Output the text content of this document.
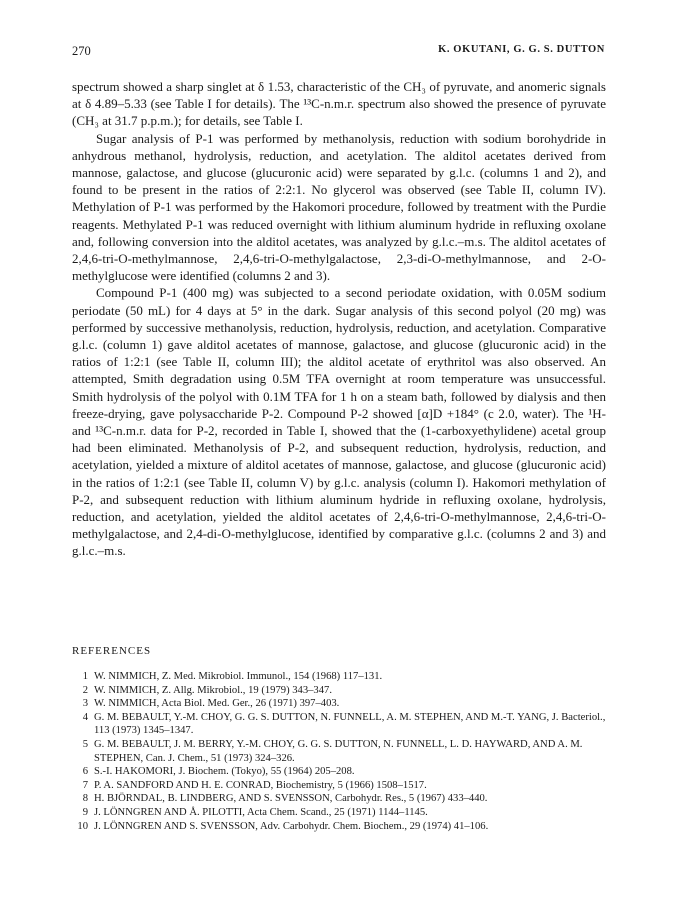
270	K. OKUTANI, G. G. S. DUTTON

spectrum showed a sharp singlet at δ 1.53, characteristic of the CH₃ of pyruvate, and anomeric signals at δ 4.89–5.33 (see Table I for details). The ¹³C-n.m.r. spectrum also showed the presence of pyruvate (CH₃ at 31.7 p.p.m.); for details, see Table I.

Sugar analysis of P-1 was performed by methanolysis, reduction with sodium borohydride in anhydrous methanol, hydrolysis, reduction, and acetylation. The alditol acetates derived from mannose, galactose, and glucose (glucuronic acid) were separated by g.l.c. (columns 1 and 2), and found to be present in the ratios of 2:2:1. No glycerol was observed (see Table II, column IV). Methylation of P-1 was performed by the Hakomori procedure, followed by treatment with the Purdie reagents. Methylated P-1 was reduced overnight with lithium aluminum hydride in refluxing oxolane and, following conversion into the alditol acetates, was analyzed by g.l.c.–m.s. The alditol acetates of 2,4,6-tri-O-methylmannose, 2,4,6-tri-O-methylgalactose, 2,3-di-O-methylmannose, and 2-O-methylglucose were identified (columns 2 and 3).

Compound P-1 (400 mg) was subjected to a second periodate oxidation, with 0.05M sodium periodate (50 mL) for 4 days at 5° in the dark. Sugar analysis of this second polyol (20 mg) was performed by successive methanolysis, reduction, hydrolysis, reduction, and acetylation. Comparative g.l.c. (column 1) gave alditol acetates of mannose, galactose, and glucose (glucuronic acid) in the ratios of 1:2:1 (see Table II, column III); the alditol acetate of erythritol was also observed. An attempted, Smith degradation using 0.5M TFA overnight at room temperature was unsuccessful. Smith hydrolysis of the polyol with 0.1M TFA for 1 h on a steam bath, followed by dialysis and then freeze-drying, gave polysaccharide P-2. Compound P-2 showed [α]D +184° (c 2.0, water). The ¹H- and ¹³C-n.m.r. data for P-2, recorded in Table I, showed that the (1-carboxyethylidene) acetal group had been eliminated. Methanolysis of P-2, and subsequent reduction, hydrolysis, reduction, and acetylation, yielded a mixture of alditol acetates of mannose, galactose, and glucose (glucuronic acid) in the ratios of 1:2:1 (see Table II, column V) by g.l.c. analysis (column I). Hakomori methylation of P-2, and subsequent reduction with lithium aluminum hydride in refluxing oxolane, hydrolysis, reduction, and acetylation, yielded the alditol acetates of 2,4,6-tri-O-methylmannose, 2,4,6-tri-O-methylgalactose, and 2,4-di-O-methylglucose, identified by comparative g.l.c. (columns 2 and 3) and g.l.c.–m.s.

REFERENCES
1 W. NIMMICH, Z. Med. Mikrobiol. Immunol., 154 (1968) 117–131.
2 W. NIMMICH, Z. Allg. Mikrobiol., 19 (1979) 343–347.
3 W. NIMMICH, Acta Biol. Med. Ger., 26 (1971) 397–403.
4 G. M. BEBAULT, Y.-M. CHOY, G. G. S. DUTTON, N. FUNNELL, A. M. STEPHEN, AND M.-T. YANG, J. Bacteriol., 113 (1973) 1345–1347.
5 G. M. BEBAULT, J. M. BERRY, Y.-M. CHOY, G. G. S. DUTTON, N. FUNNELL, L. D. HAYWARD, AND A. M. STEPHEN, Can. J. Chem., 51 (1973) 324–326.
6 S.-I. HAKOMORI, J. Biochem. (Tokyo), 55 (1964) 205–208.
7 P. A. SANDFORD AND H. E. CONRAD, Biochemistry, 5 (1966) 1508–1517.
8 H. BJÖRNDAL, B. LINDBERG, AND S. SVENSSON, Carbohydr. Res., 5 (1967) 433–440.
9 J. LÖNNGREN AND Å. PILOTTI, Acta Chem. Scand., 25 (1971) 1144–1145.
10 J. LÖNNGREN AND S. SVENSSON, Adv. Carbohydr. Chem. Biochem., 29 (1974) 41–106.
